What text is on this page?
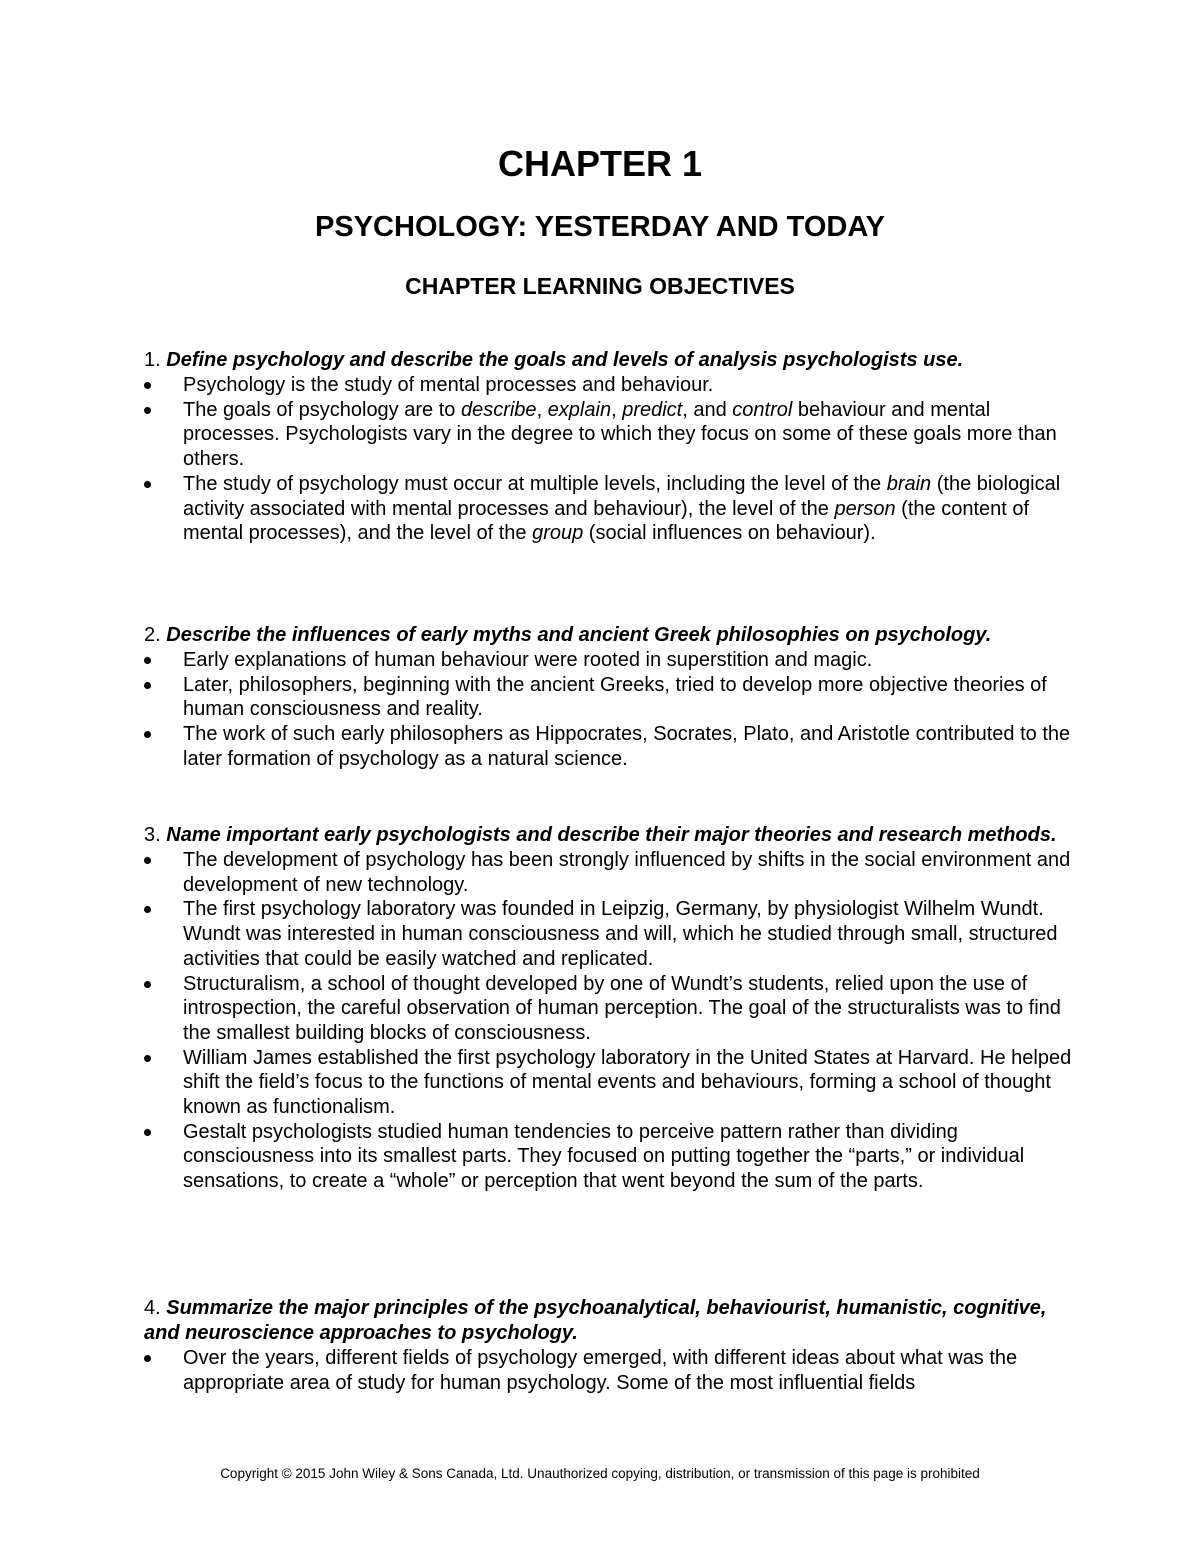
CHAPTER 1
PSYCHOLOGY: YESTERDAY AND TODAY
CHAPTER LEARNING OBJECTIVES

1. Define psychology and describe the goals and levels of analysis psychologists use.

Psychology is the study of mental processes and behaviour.
The goals of psychology are to describe, explain, predict, and control behaviour and mental processes. Psychologists vary in the degree to which they focus on some of these goals more than others.
The study of psychology must occur at multiple levels, including the level of the brain (the biological activity associated with mental processes and behaviour), the level of the person (the content of mental processes), and the level of the group (social influences on behaviour).

2. Describe the influences of early myths and ancient Greek philosophies on psychology.

Early explanations of human behaviour were rooted in superstition and magic.
Later, philosophers, beginning with the ancient Greeks, tried to develop more objective theories of human consciousness and reality.
The work of such early philosophers as Hippocrates, Socrates, Plato, and Aristotle contributed to the later formation of psychology as a natural science.

3. Name important early psychologists and describe their major theories and research methods.

The development of psychology has been strongly influenced by shifts in the social environment and development of new technology.
The first psychology laboratory was founded in Leipzig, Germany, by physiologist Wilhelm Wundt. Wundt was interested in human consciousness and will, which he studied through small, structured activities that could be easily watched and replicated.
Structuralism, a school of thought developed by one of Wundt’s students, relied upon the use of introspection, the careful observation of human perception. The goal of the structuralists was to find the smallest building blocks of consciousness.
William James established the first psychology laboratory in the United States at Harvard. He helped shift the field’s focus to the functions of mental events and behaviours, forming a school of thought known as functionalism.
Gestalt psychologists studied human tendencies to perceive pattern rather than dividing consciousness into its smallest parts. They focused on putting together the “parts,” or individual sensations, to create a “whole” or perception that went beyond the sum of the parts.

4. Summarize the major principles of the psychoanalytical, behaviourist, humanistic, cognitive, and neuroscience approaches to psychology.

Over the years, different fields of psychology emerged, with different ideas about what was the appropriate area of study for human psychology. Some of the most influential fields

Copyright © 2015 John Wiley & Sons Canada, Ltd. Unauthorized copying, distribution, or transmission of this page is prohibited
